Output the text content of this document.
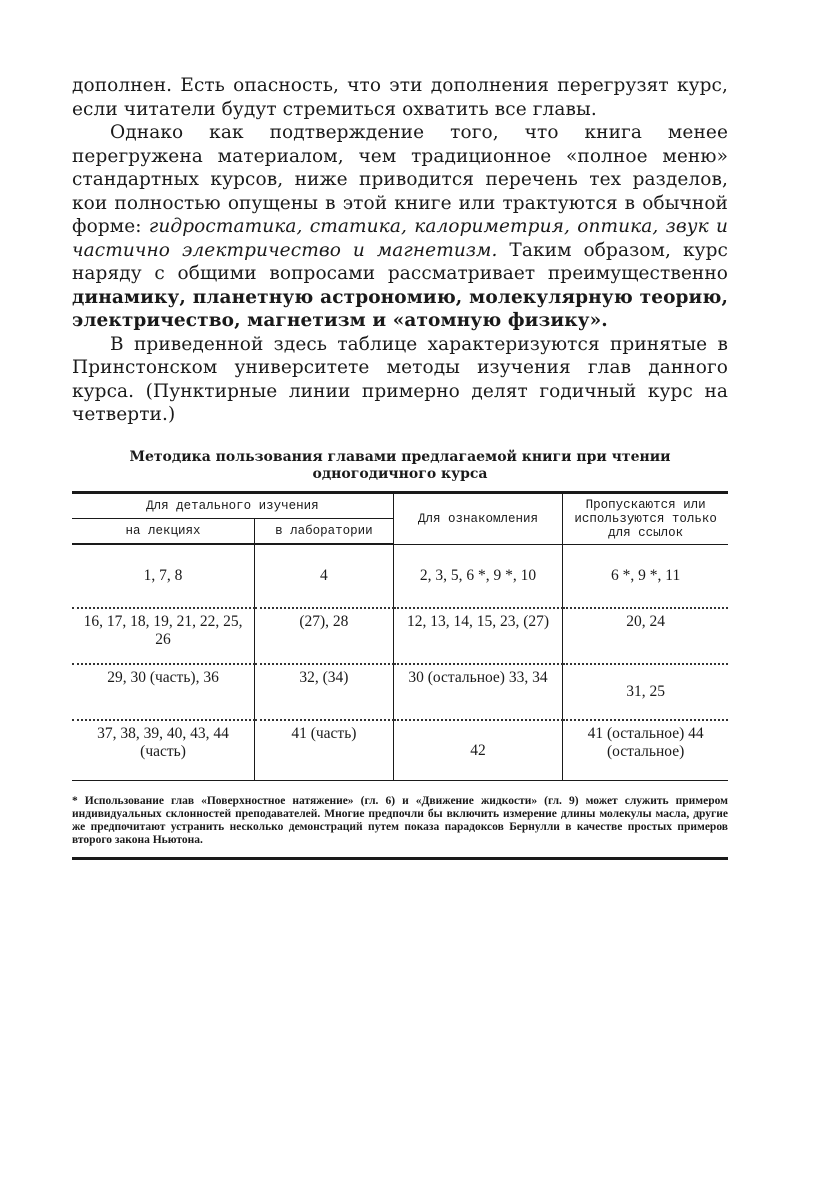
дополнен. Есть опасность, что эти дополнения перегрузят курс, если читатели будут стремиться охватить все главы.

Однако как подтверждение того, что книга менее перегружена материалом, чем традиционное «полное меню» стандартных курсов, ниже приводится перечень тех разделов, кои полностью опущены в этой книге или трактуются в обычной форме: гидростатика, статика, калориметрия, оптика, звук и частично электричество и магнетизм. Таким образом, курс наряду с общими вопросами рассматривает преимущественно динамику, планетную астрономию, молекулярную теорию, электричество, магнетизм и «атомную физику».

В приведенной здесь таблице характеризуются принятые в Принстонском университете методы изучения глав данного курса. (Пунктирные линии примерно делят годичный курс на четверти.)

Методика пользования главами предлагаемой книги при чтении
одногодичного курса
Для детального изучения		Для ознакомления	Пропускаются или используются только для ссылок
на лекциях	в лаборатории		
1, 7, 8	4	2, 3, 5, 6 *, 9 *, 10	6 *, 9 *, 11
16, 17, 18, 19, 21, 22, 25, 26	(27), 28	12, 13, 14, 15, 23, (27)	20, 24
29, 30 (часть), 36	32, (34)	30 (остальное) 33, 34	31, 25
37, 38, 39, 40, 43, 44 (часть)	41 (часть)	42	41 (остальное) 44 (остальное)
* Использование глав «Поверхностное натяжение» (гл. 6) и «Движение жидкости» (гл. 9) может служить примером индивидуальных склонностей преподавателей. Многие предпочли бы включить измерение длины молекулы масла, другие же предпочитают устранить несколько демонстраций путем показа парадоксов Бернулли в качестве простых примеров второго закона Ньютона.
